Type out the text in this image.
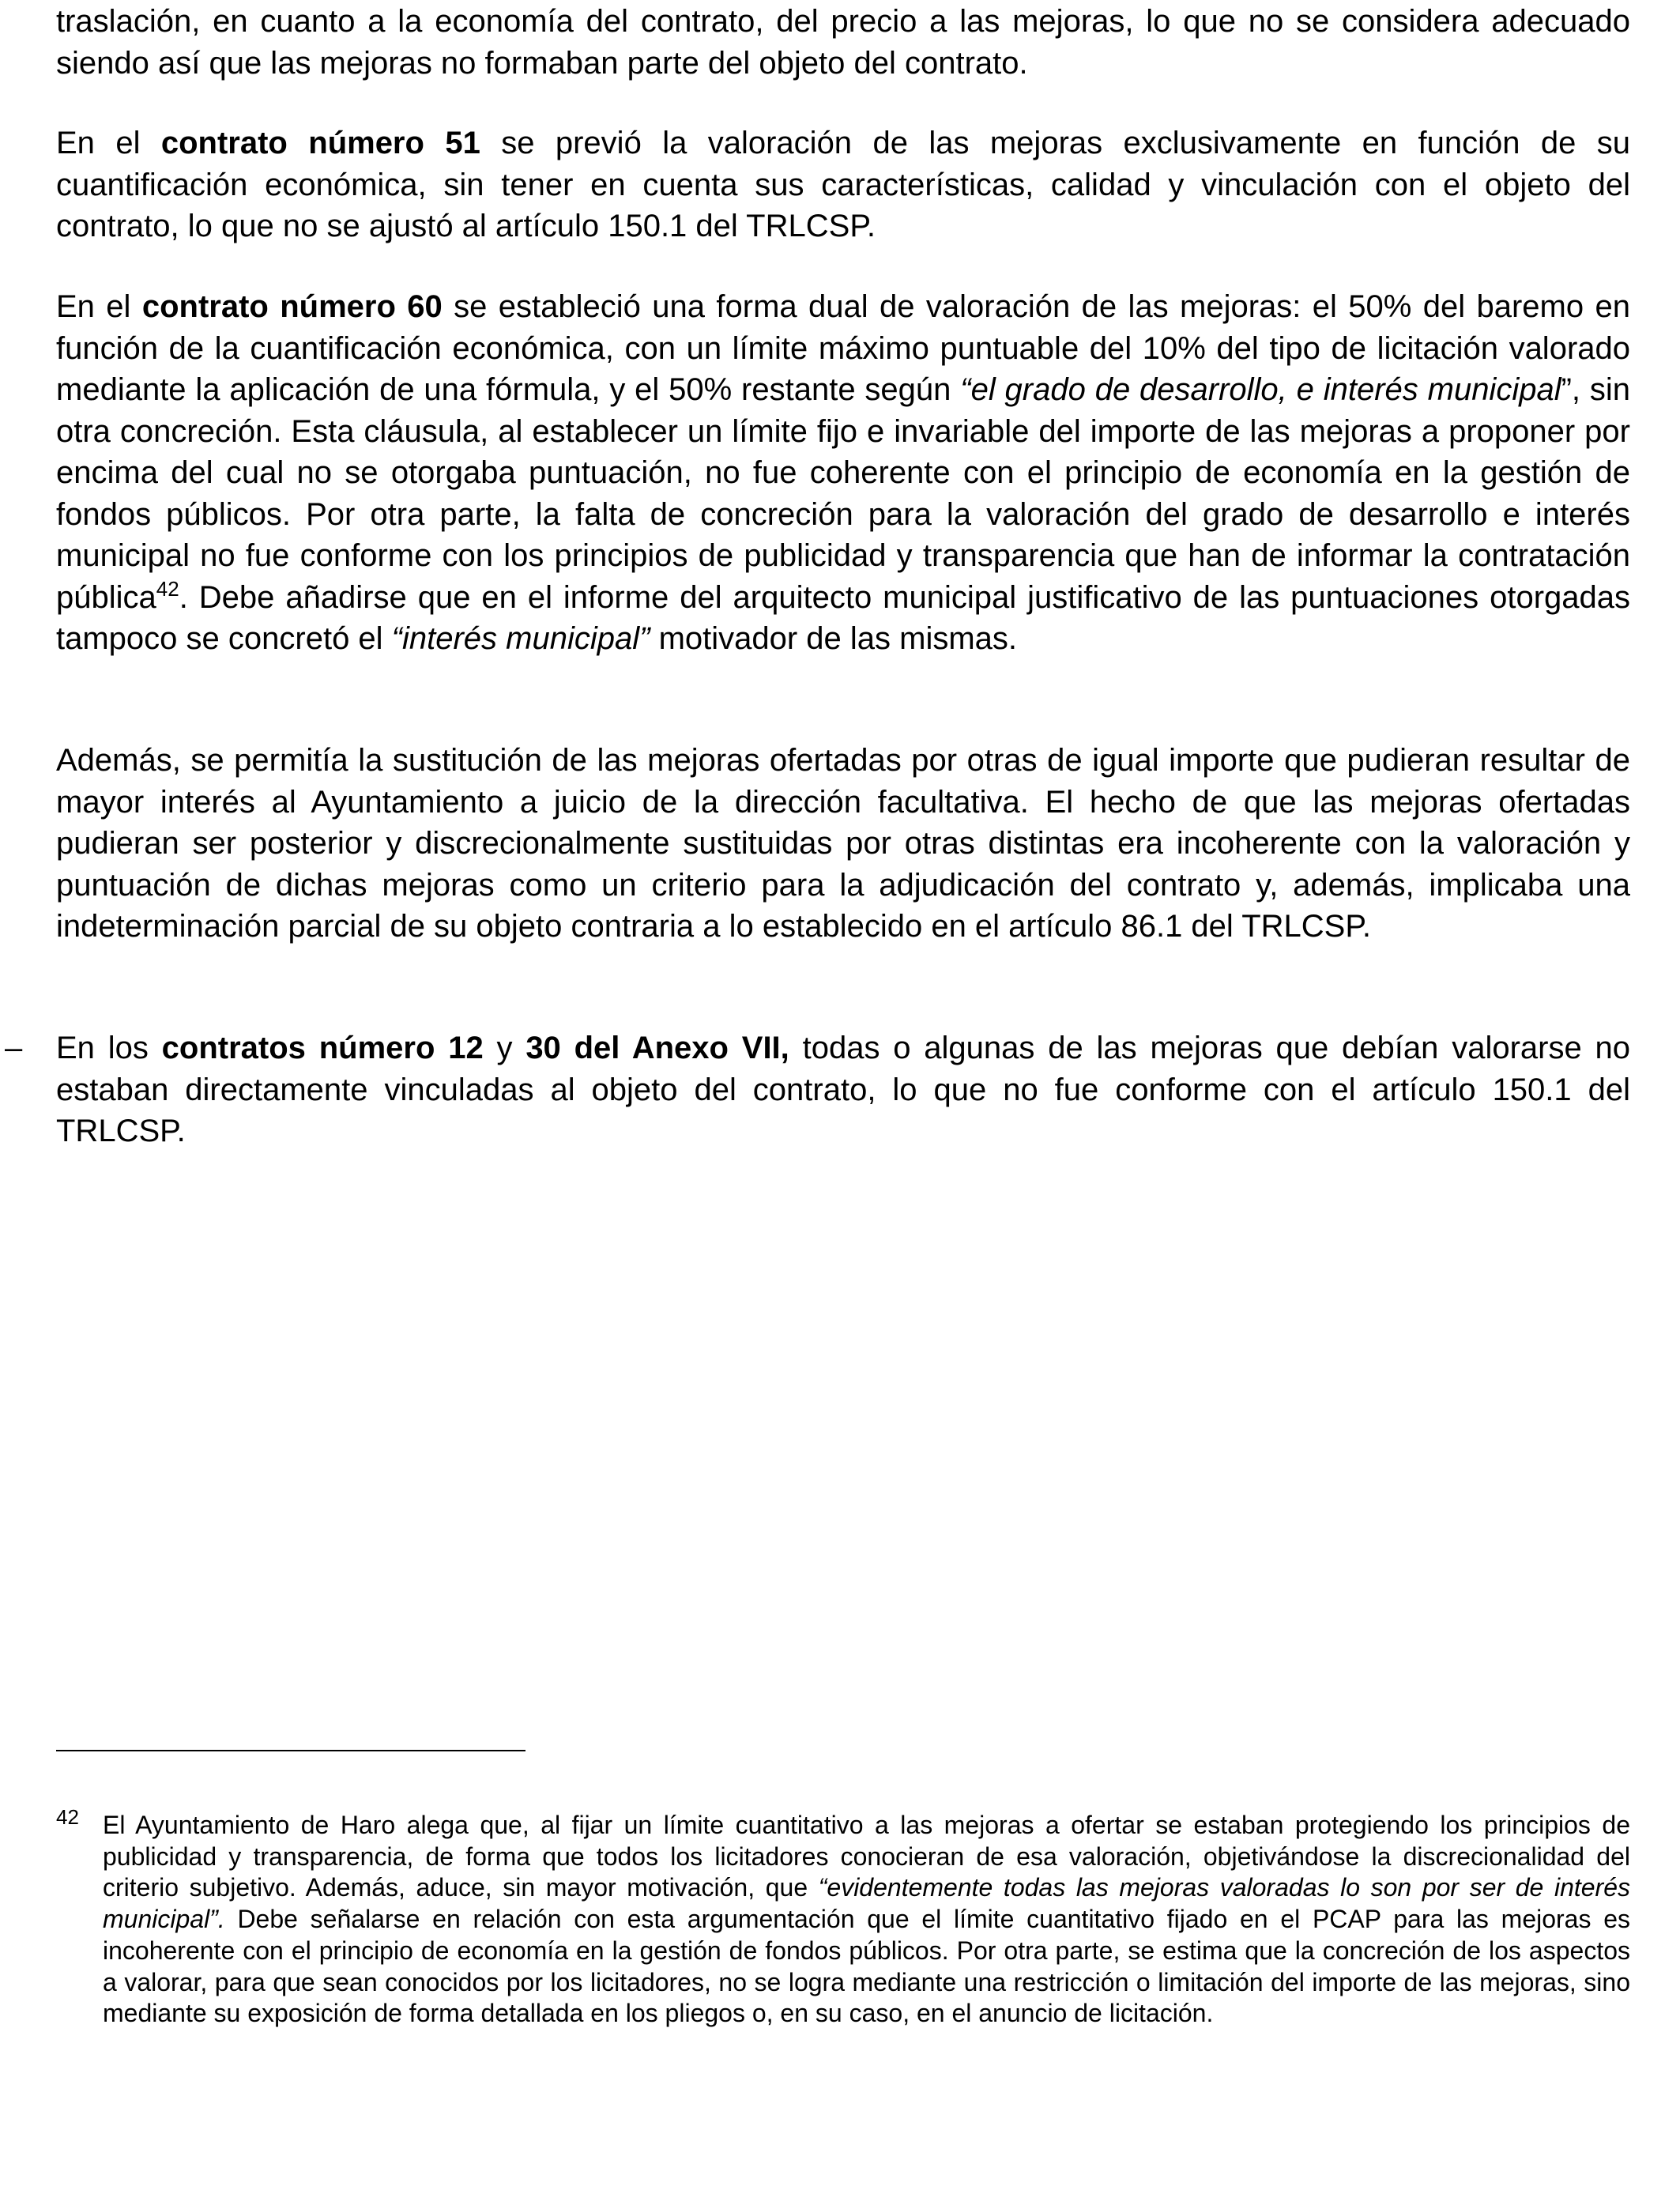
traslación, en cuanto a la economía del contrato, del precio a las mejoras, lo que no se considera adecuado siendo así que las mejoras no formaban parte del objeto del contrato.

En el contrato número 51 se previó la valoración de las mejoras exclusivamente en función de su cuantificación económica, sin tener en cuenta sus características, calidad y vinculación con el objeto del contrato, lo que no se ajustó al artículo 150.1 del TRLCSP.

En el contrato número 60 se estableció una forma dual de valoración de las mejoras: el 50% del baremo en función de la cuantificación económica, con un límite máximo puntuable del 10% del tipo de licitación valorado mediante la aplicación de una fórmula, y el 50% restante según “el grado de desarrollo, e interés municipal”, sin otra concreción. Esta cláusula, al establecer un límite fijo e invariable del importe de las mejoras a proponer por encima del cual no se otorgaba puntuación, no fue coherente con el principio de economía en la gestión de fondos públicos. Por otra parte, la falta de concreción para la valoración del grado de desarrollo e interés municipal no fue conforme con los principios de publicidad y transparencia que han de informar la contratación pública$^{42}$. Debe añadirse que en el informe del arquitecto municipal justificativo de las puntuaciones otorgadas tampoco se concretó el “interés municipal” motivador de las mismas.

Además, se permitía la sustitución de las mejoras ofertadas por otras de igual importe que pudieran resultar de mayor interés al Ayuntamiento a juicio de la dirección facultativa. El hecho de que las mejoras ofertadas pudieran ser posterior y discrecionalmente sustituidas por otras distintas era incoherente con la valoración y puntuación de dichas mejoras como un criterio para la adjudicación del contrato y, además, implicaba una indeterminación parcial de su objeto contraria a lo establecido en el artículo 86.1 del TRLCSP.

– En los contratos número 12 y 30 del Anexo VII, todas o algunas de las mejoras que debían valorarse no estaban directamente vinculadas al objeto del contrato, lo que no fue conforme con el artículo 150.1 del TRLCSP.

42 El Ayuntamiento de Haro alega que, al fijar un límite cuantitativo a las mejoras a ofertar se estaban protegiendo los principios de publicidad y transparencia, de forma que todos los licitadores conocieran de esa valoración, objetivándose la discrecionalidad del criterio subjetivo. Además, aduce, sin mayor motivación, que “evidentemente todas las mejoras valoradas lo son por ser de interés municipal”. Debe señalarse en relación con esta argumentación que el límite cuantitativo fijado en el PCAP para las mejoras es incoherente con el principio de economía en la gestión de fondos públicos. Por otra parte, se estima que la concreción de los aspectos a valorar, para que sean conocidos por los licitadores, no se logra mediante una restricción o limitación del importe de las mejoras, sino mediante su exposición de forma detallada en los pliegos o, en su caso, en el anuncio de licitación.
